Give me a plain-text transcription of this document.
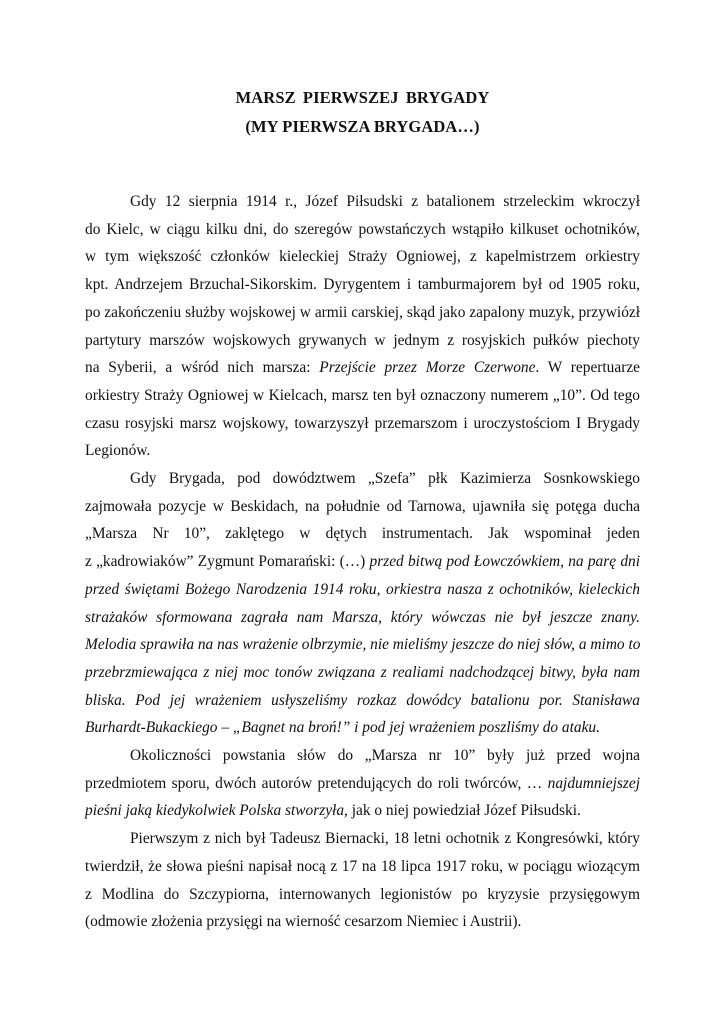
MARSZ PIERWSZEJ BRYGADY
(MY PIERWSZA BRYGADA…)
Gdy 12 sierpnia 1914 r., Józef Piłsudski z batalionem strzeleckim wkroczył
do Kielc, w ciągu kilku dni, do szeregów powstańczych wstąpiło kilkuset ochotników,
w tym większość członków kieleckiej Straży Ogniowej, z kapelmistrzem orkiestry
kpt. Andrzejem Brzuchal-Sikorskim. Dyrygentem i tamburmajorem był od 1905 roku,
po zakończeniu służby wojskowej w armii carskiej, skąd jako zapalony muzyk, przywiózł
partytury marszów wojskowych grywanych w jednym z rosyjskich pułków piechoty
na Syberii, a wśród nich marsza: Przejście przez Morze Czerwone. W repertuarze
orkiestry Straży Ogniowej w Kielcach, marsz ten był oznaczony numerem „10”. Od tego
czasu rosyjski marsz wojskowy, towarzyszył przemarszom i uroczystościom I Brygady
Legionów.
Gdy Brygada, pod dowództwem „Szefa” płk Kazimierza Sosnkowskiego
zajmowała pozycje w Beskidach, na południe od Tarnowa, ujawniła się potęga ducha
„Marsza Nr 10”, zaklętego w dętych instrumentach. Jak wspominał jeden
z „kadrowiaków” Zygmunt Pomarański: (…) przed bitwą pod Łowczówkiem, na parę dni
przed świętami Bożego Narodzenia 1914 roku, orkiestra nasza z ochotników, kieleckich
strażaków sformowana zagrała nam Marsza, który wówczas nie był jeszcze znany.
Melodia sprawiła na nas wrażenie olbrzymie, nie mieliśmy jeszcze do niej słów, a mimo to
przebrzmiewająca z niej moc tonów związana z realiami nadchodzącej bitwy, była nam
bliska. Pod jej wrażeniem usłyszeliśmy rozkaz dowódcy batalionu por. Stanisława
Burhardt-Bukackiego – „Bagnet na broń!” i pod jej wrażeniem poszliśmy do ataku.
Okoliczności powstania słów do „Marsza nr 10” były już przed wojna
przedmiotem sporu, dwóch autorów pretendujących do roli twórców, … najdumniejszej
pieśni jaką kiedykolwiek Polska stworzyła, jak o niej powiedział Józef Piłsudski.
Pierwszym z nich był Tadeusz Biernacki, 18 letni ochotnik z Kongresówki, który
twierdził, że słowa pieśni napisał nocą z 17 na 18 lipca 1917 roku, w pociągu wiozącym
z Modlina do Szczypiorna, internowanych legionistów po kryzysie przysięgowym
(odmowie złożenia przysięgi na wierność cesarzom Niemiec i Austrii).
